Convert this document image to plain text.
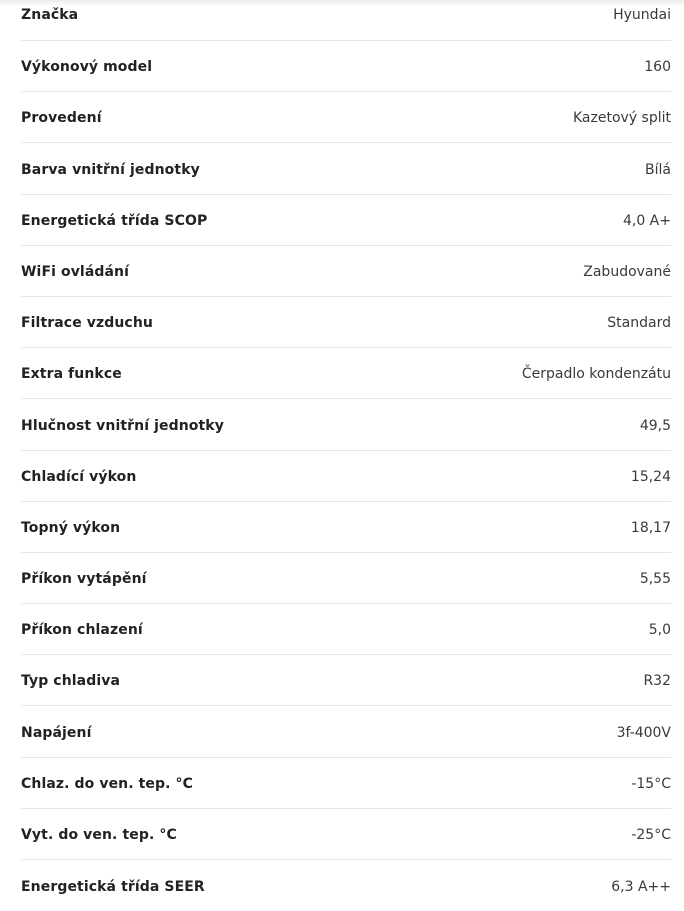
Značka	Hyundai
Výkonový model	160
Provedení	Kazetový split
Barva vnitřní jednotky	Bílá
Energetická třída SCOP	4,0 A+
WiFi ovládání	Zabudované
Filtrace vzduchu	Standard
Extra funkce	Čerpadlo kondenzátu
Hlučnost vnitřní jednotky	49,5
Chladící výkon	15,24
Topný výkon	18,17
Příkon vytápění	5,55
Příkon chlazení	5,0
Typ chladiva	R32
Napájení	3f-400V
Chlaz. do ven. tep. °C	-15°C
Vyt. do ven. tep. °C	-25°C
Energetická třída SEER	6,3 A++
